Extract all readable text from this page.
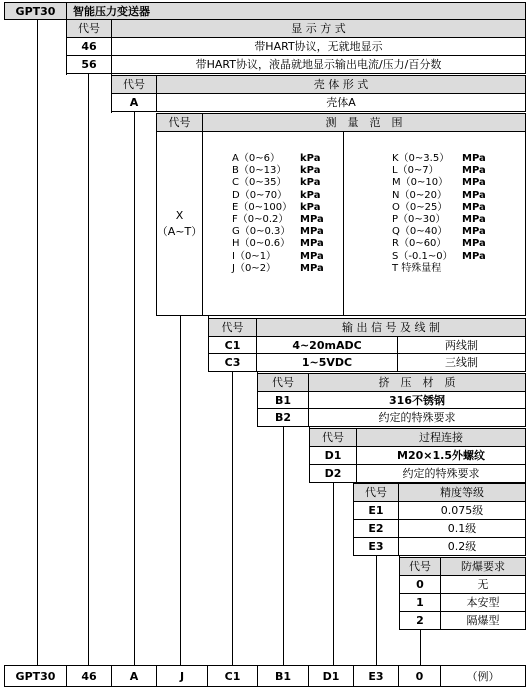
GPT30	智能压力变送器
代号	显 示 方 式
46	带HART协议，无就地显示
56	带HART协议，液晶就地显示输出电流/压力/百分数
代号	壳 体 形 式
A	壳体A
代号	测　量　范　围
X
（A~T）
A（0~6） kPa
B（0~13） kPa
C（0~35） kPa
D（0~70） kPa
E（0~100） kPa
F（0~0.2） MPa
G（0~0.3） MPa
H（0~0.6） MPa
I（0~1） MPa
J（0~2） MPa
K（0~3.5） MPa
L（0~7） MPa
M（0~10） MPa
N（0~20） MPa
O（0~25） MPa
P（0~30） MPa
Q（0~40） MPa
R（0~60） MPa
S（-0.1~0） MPa
T 特殊量程
代号	输 出 信 号 及 线 制
C1	4~20mADC	两线制
C3	1~5VDC	三线制
代号	挤　压　材　质
B1	316不锈钢
B2	约定的特殊要求
代号	过程连接
D1	M20×1.5外螺纹
D2	约定的特殊要求
代号	精度等级
E1	0.075级
E2	0.1级
E3	0.2级
代号	防爆要求
0	无
1	本安型
2	隔爆型
GPT30	46	A	J	C1	B1	D1	E3	0	（例）
